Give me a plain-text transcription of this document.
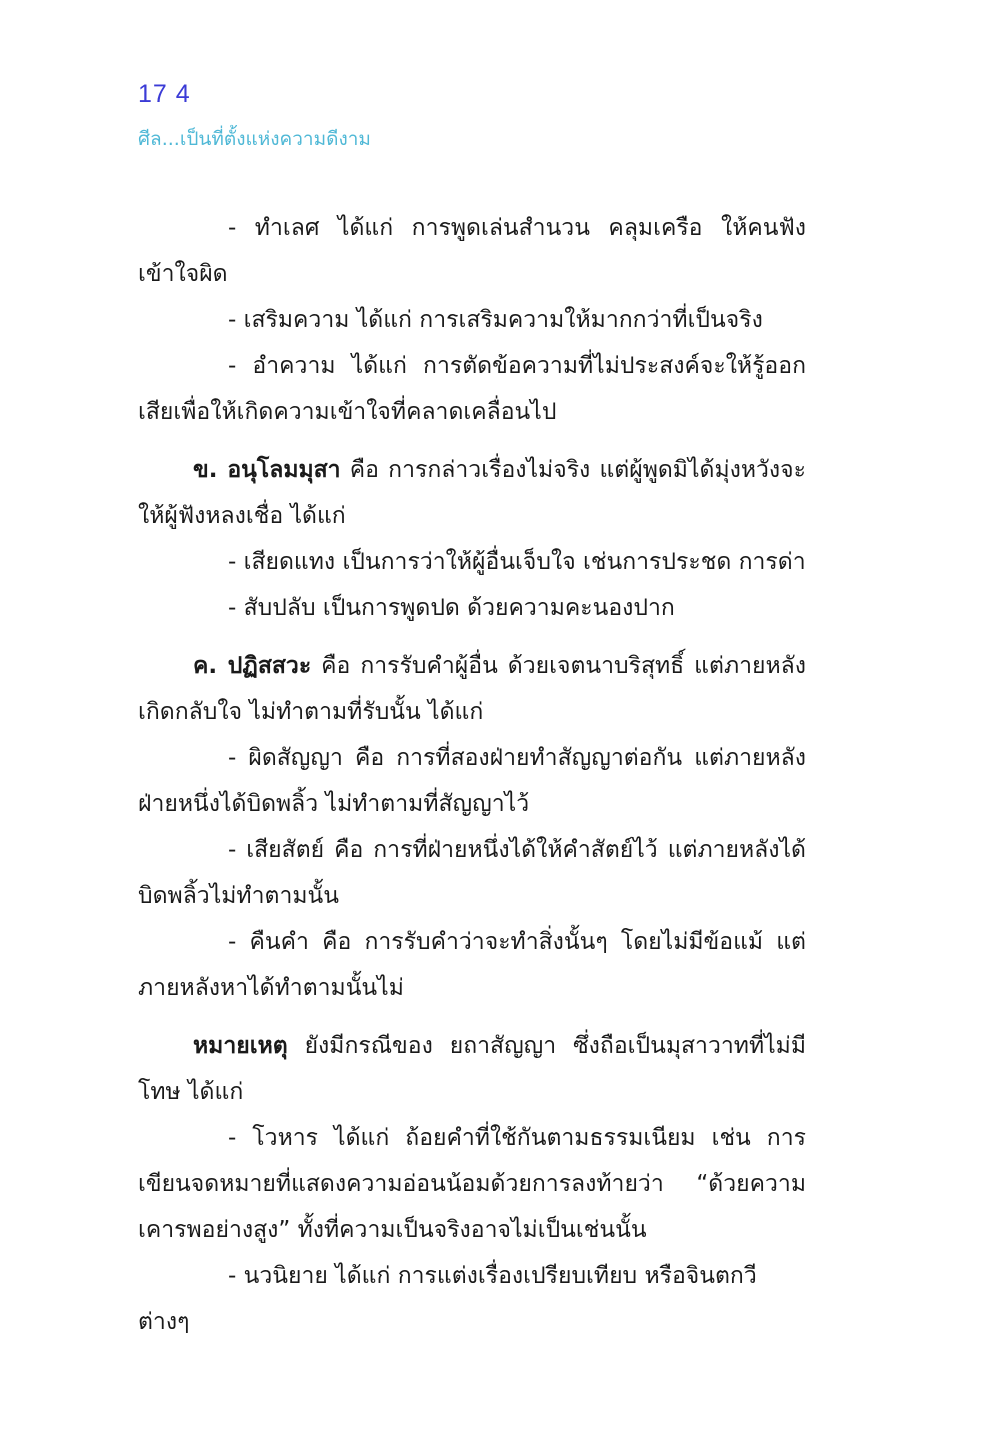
17 4
ศีล...เป็นที่ตั้งแห่งความดีงาม

- ทำเลศ ได้แก่ การพูดเล่นสำนวน คลุมเครือ ให้คนฟังเข้าใจผิด

- เสริมความ ได้แก่ การเสริมความให้มากกว่าที่เป็นจริง

- อำความ ได้แก่ การตัดข้อความที่ไม่ประสงค์จะให้รู้ออกเสียเพื่อให้เกิดความเข้าใจที่คลาดเคลื่อนไป

ข. อนุโลมมุสา คือ การกล่าวเรื่องไม่จริง แต่ผู้พูดมิได้มุ่งหวังจะให้ผู้ฟังหลงเชื่อ ได้แก่

- เสียดแทง เป็นการว่าให้ผู้อื่นเจ็บใจ เช่นการประชด การด่า

- สับปลับ เป็นการพูดปด ด้วยความคะนองปาก

ค. ปฏิสสวะ คือ การรับคำผู้อื่น ด้วยเจตนาบริสุทธิ์ แต่ภายหลังเกิดกลับใจ ไม่ทำตามที่รับนั้น ได้แก่

- ผิดสัญญา คือ การที่สองฝ่ายทำสัญญาต่อกัน แต่ภายหลังฝ่ายหนึ่งได้บิดพลิ้ว ไม่ทำตามที่สัญญาไว้

- เสียสัตย์ คือ การที่ฝ่ายหนึ่งได้ให้คำสัตย์ไว้ แต่ภายหลังได้บิดพลิ้วไม่ทำตามนั้น

- คืนคำ คือ การรับคำว่าจะทำสิ่งนั้นๆ โดยไม่มีข้อแม้ แต่ภายหลังหาได้ทำตามนั้นไม่

หมายเหตุ ยังมีกรณีของ ยถาสัญญา ซึ่งถือเป็นมุสาวาทที่ไม่มีโทษ ได้แก่

- โวหาร ได้แก่ ถ้อยคำที่ใช้กันตามธรรมเนียม เช่น การเขียนจดหมายที่แสดงความอ่อนน้อมด้วยการลงท้ายว่า “ด้วยความเคารพอย่างสูง” ทั้งที่ความเป็นจริงอาจไม่เป็นเช่นนั้น

- นวนิยาย ได้แก่ การแต่งเรื่องเปรียบเทียบ หรือจินตกวีต่างๆ
